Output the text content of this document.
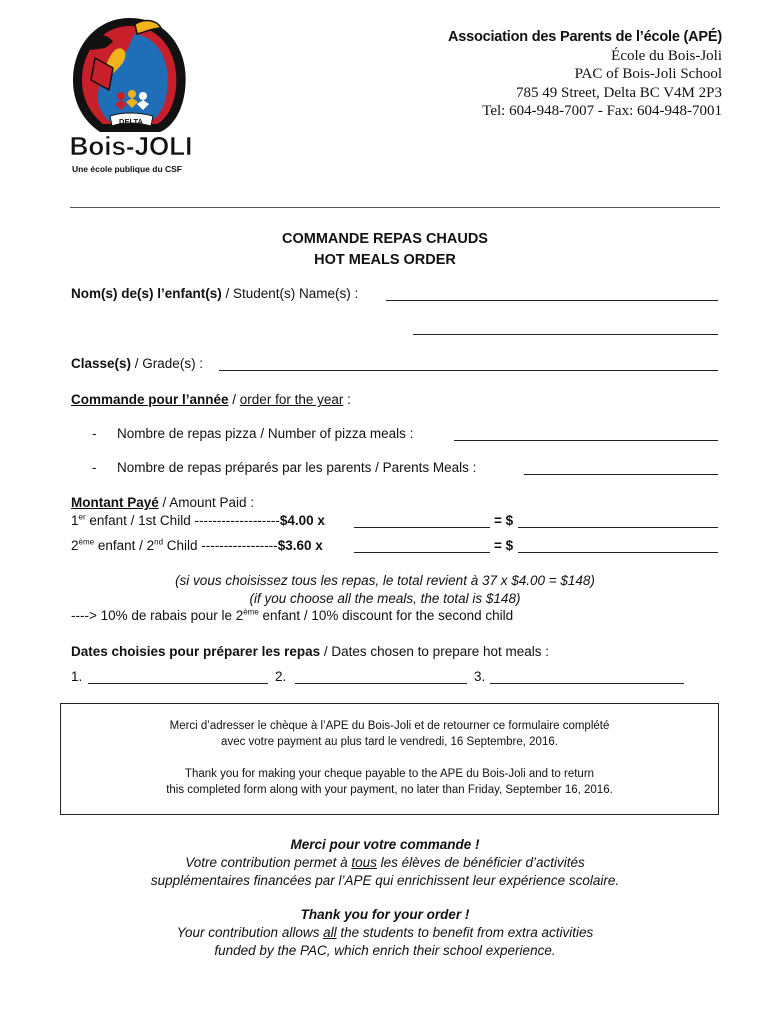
DELTA
Bois-JOLI
Une école publique du CSF
Association des Parents de l’école (APÉ)
École du Bois-Joli
PAC of Bois-Joli School
785 49 Street, Delta BC V4M 2P3
Tel: 604-948-7007 - Fax: 604-948-7001
COMMANDE REPAS CHAUDS
HOT MEALS ORDER
Nom(s) de(s) l’enfant(s) / Student(s) Name(s) :
Classe(s) / Grade(s) :
Commande pour l’année / order for the year :
- Nombre de repas pizza / Number of pizza meals :
- Nombre de repas préparés par les parents / Parents Meals :
Montant Payé / Amount Paid :
1er enfant / 1st Child -------------------$4.00 x	= $
2ème enfant / 2nd Child -----------------$3.60 x	= $
(si vous choisissez tous les repas, le total revient à 37 x $4.00 = $148)
(if you choose all the meals, the total is $148)
----> 10% de rabais pour le 2ème enfant / 10% discount for the second child
Dates choisies pour préparer les repas / Dates chosen to prepare hot meals :
1.	2.	3.
Merci d’adresser le chèque à l’APE du Bois-Joli et de retourner ce formulaire complété
avec votre payment au plus tard le vendredi, 16 Septembre, 2016.
Thank you for making your cheque payable to the APE du Bois-Joli and to return
this completed form along with your payment, no later than Friday, September 16, 2016.
Merci pour votre commande !
Votre contribution permet à tous les élèves de bénéficier d’activités
supplémentaires financées par l’APE qui enrichissent leur expérience scolaire.
Thank you for your order !
Your contribution allows all the students to benefit from extra activities
funded by the PAC, which enrich their school experience.
